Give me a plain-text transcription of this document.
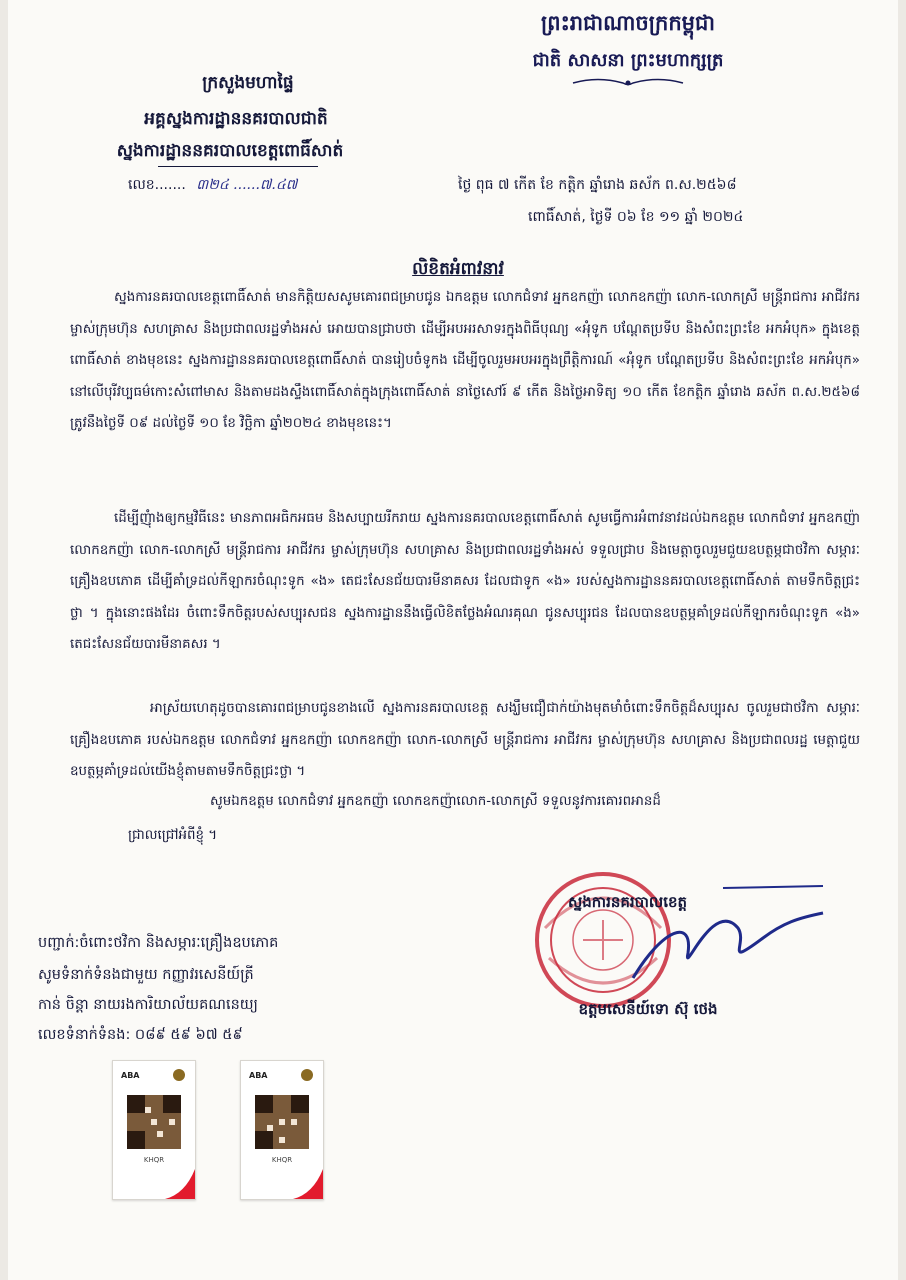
ព្រះរាជាណាចក្រកម្ពុជា
ជាតិ សាសនា ព្រះមហាក្សត្រ
ក្រសួងមហាផ្ទៃ
អគ្គស្នងការដ្ឋាននគរបាលជាតិ
ស្នងការដ្ឋាននគរបាលខេត្តពោធិ៍សាត់
លេខ....... ៣២៤ ......៧.៤៧	ថ្ងៃ ពុធ ៧ កើត ខែ កត្តិក ឆ្នាំរោង ឆស័ក ព.ស.២៥៦៨
ពោធិ៍សាត់, ថ្ងៃទី ០៦ ខែ ១១ ឆ្នាំ ២០២៤
លិខិតអំពាវនាវ

ស្នងការនគរបាលខេត្តពោធិ៍សាត់ មានកិត្តិយសសូមគោរពជម្រាបជូន ឯកឧត្តម លោកជំទាវ អ្នកឧកញ៉ា លោកឧកញ៉ា លោក-លោកស្រី មន្ត្រីរាជការ អាជីវករ ម្ចាស់ក្រុមហ៊ុន សហគ្រាស និងប្រជាពលរដ្ឋទាំងអស់ អោយបានជ្រាបថា ដើម្បីអបអរសាទរក្នុងពិធីបុណ្យ «អុំទូក បណ្តែតប្រទីប និងសំពះព្រះខែ អកអំបុក» ក្នុងខេត្តពោធិ៍សាត់ ខាងមុខនេះ ស្នងការដ្ឋាននគរបាលខេត្តពោធិ៍សាត់ បានរៀបចំទូកង ដើម្បីចូលរួមអបអរក្នុងព្រឹត្តិការណ៍ «អុំទូក បណ្តែតប្រទីប និងសំពះព្រះខែ អកអំបុក» នៅលើបុរីវប្បធម៌កោះសំពៅមាស និងតាមដងស្ទឹងពោធិ៍សាត់ក្នុងក្រុងពោធិ៍សាត់ នាថ្ងៃសៅរ៍ ៩ កើត និងថ្ងៃអាទិត្យ ១០ កើត ខែកត្តិក ឆ្នាំរោង ឆស័ក ព.ស.២៥៦៨ ត្រូវនឹងថ្ងៃទី ០៩ ដល់ថ្ងៃទី ១០ ខែ វិច្ឆិកា ឆ្នាំ២០២៤ ខាងមុខនេះ។

ដើម្បីញុំាងឲ្យកម្មវិធីនេះ មានភាពអធិកអធម និងសប្បាយរីករាយ ស្នងការនគរបាលខេត្តពោធិ៍សាត់ សូមធ្វើការអំពាវនាវដល់ឯកឧត្តម លោកជំទាវ អ្នកឧកញ៉ា លោកឧកញ៉ា លោក-លោកស្រី មន្ត្រីរាជការ អាជីវករ ម្ចាស់ក្រុមហ៊ុន សហគ្រាស និងប្រជាពលរដ្ឋទាំងអស់ ទទួលជ្រាប និងមេត្តាចូលរួមជួយឧបត្ថម្ភជាថវិកា សម្ភារៈគ្រឿងឧបភោគ ដើម្បីគាំទ្រដល់កីឡាករចំណុះទូក «ង» តេជះសែនជ័យបារមីនាគសរ ដែលជាទូក «ង» របស់ស្នងការដ្ឋាននគរបាលខេត្តពោធិ៍សាត់ តាមទឹកចិត្តជ្រះថ្លា ។ ក្នុងនោះផងដែរ ចំពោះទឹកចិត្តរបស់សប្បុរសជន ស្នងការដ្ឋាននឹងធ្វើលិខិតថ្លែងអំណរគុណ ជូនសប្បុរជន ដែលបានឧបត្ថម្ភគាំទ្រដល់កីឡាករចំណុះទូក «ង» តេជះសែនជ័យបារមីនាគសរ ។

អាស្រ័យហេតុដូចបានគោរពជម្រាបជូនខាងលើ ស្នងការនគរបាលខេត្ត សង្ឃឹមជឿជាក់យ៉ាងមុតមាំចំពោះទឹកចិត្តដ៏សប្បុរស ចូលរួមជាថវិកា សម្ភារៈគ្រឿងឧបភោគ របស់ឯកឧត្តម លោកជំទាវ អ្នកឧកញ៉ា លោកឧកញ៉ា លោក-លោកស្រី មន្ត្រីរាជការ អាជីវករ ម្ចាស់ក្រុមហ៊ុន សហគ្រាស និងប្រជាពលរដ្ឋ មេត្តាជួយឧបត្ថម្ភគាំទ្រដល់យើងខ្ញុំតាមតាមទឹកចិត្តជ្រះថ្លា ។

សូមឯកឧត្តម លោកជំទាវ អ្នកឧកញ៉ា លោកឧកញ៉ាលោក-លោកស្រី ទទួលនូវការគោរពអានដ៏

ជ្រាលជ្រៅអំពីខ្ញុំ ។

ស្នងការនគរបាលខេត្ត
ឧត្តមសេនីយ៍ទោ ស៊ុ ថេង
បញ្ជាក់:ចំពោះថវិកា និងសម្ភារៈគ្រឿងឧបភោគ
សូមទំនាក់ទំនងជាមួយ កញ្ញាវរសេនីយ៍ត្រី
កាន់ ចិន្តា នាយរងការិយាល័យគណនេយ្យ
លេខទំនាក់ទំនង: ០៨៩ ៥៩ ៦៧ ៥៩
ABA
KHQR
ABA
KHQR
